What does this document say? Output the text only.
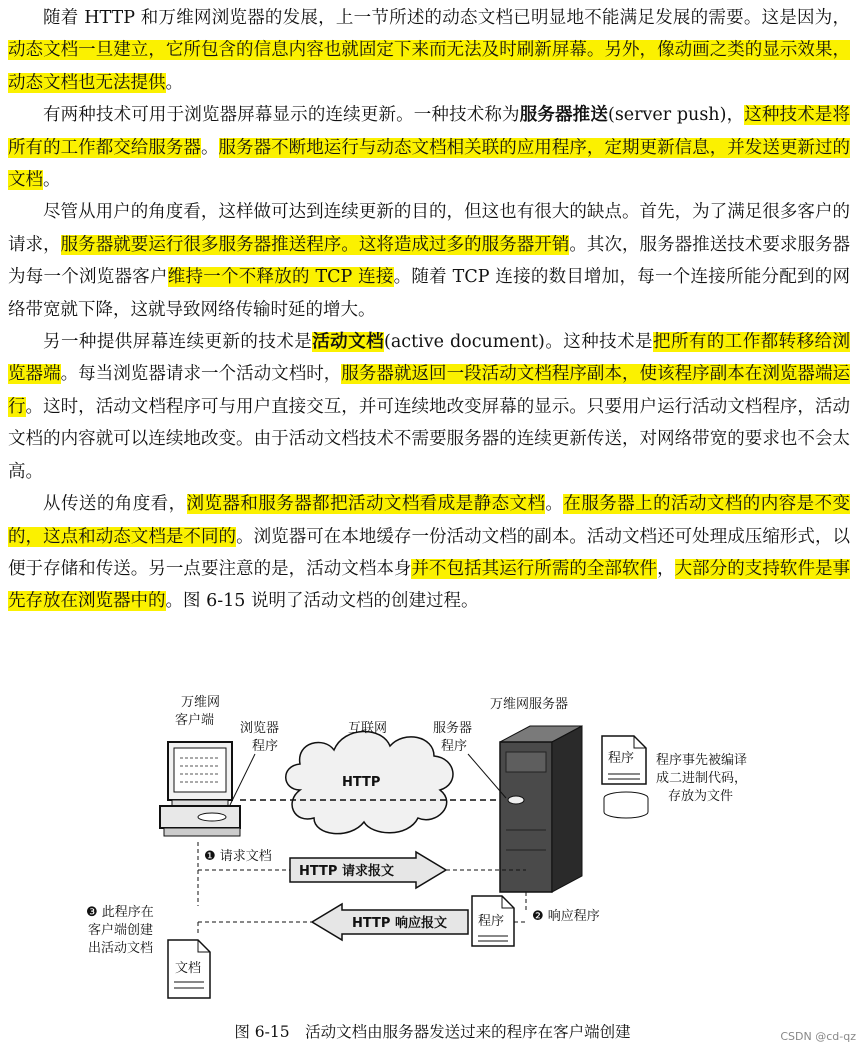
随着 HTTP 和万维网浏览器的发展，上一节所述的动态文档已明显地不能满足发展的需要。这是因为，动态文档一旦建立，它所包含的信息内容也就固定下来而无法及时刷新屏幕。另外，像动画之类的显示效果，动态文档也无法提供。

有两种技术可用于浏览器屏幕显示的连续更新。一种技术称为服务器推送(server push)，这种技术是将所有的工作都交给服务器。服务器不断地运行与动态文档相关联的应用程序，定期更新信息，并发送更新过的文档。

尽管从用户的角度看，这样做可达到连续更新的目的，但这也有很大的缺点。首先，为了满足很多客户的请求，服务器就要运行很多服务器推送程序。这将造成过多的服务器开销。其次，服务器推送技术要求服务器为每一个浏览器客户维持一个不释放的 TCP 连接。随着 TCP 连接的数目增加，每一个连接所能分配到的网络带宽就下降，这就导致网络传输时延的增大。

另一种提供屏幕连续更新的技术是活动文档(active document)。这种技术是把所有的工作都转移给浏览器端。每当浏览器请求一个活动文档时，服务器就返回一段活动文档程序副本，使该程序副本在浏览器端运行。这时，活动文档程序可与用户直接交互，并可连续地改变屏幕的显示。只要用户运行活动文档程序，活动文档的内容就可以连续地改变。由于活动文档技术不需要服务器的连续更新传送，对网络带宽的要求也不会太高。

从传送的角度看，浏览器和服务器都把活动文档看成是静态文档。在服务器上的活动文档的内容是不变的，这点和动态文档是不同的。浏览器可在本地缓存一份活动文档的副本。活动文档还可处理成压缩形式，以便于存储和传送。另一点要注意的是，活动文档本身并不包括其运行所需的全部软件，大部分的支持软件是事先存放在浏览器中的。图 6-15 说明了活动文档的创建过程。

万维网
客户端
浏览器
程序
互联网
HTTP
万维网服务器
服务器
程序
程序 程序事先被编译
成二进制代码，
存放为文件
❶ 请求文档
HTTP 请求报文
❷ 响应程序
HTTP 响应报文 程序
❸ 此程序在
客户端创建
出活动文档
文档
图 6-15　活动文档由服务器发送过来的程序在客户端创建	CSDN @cd-qz
